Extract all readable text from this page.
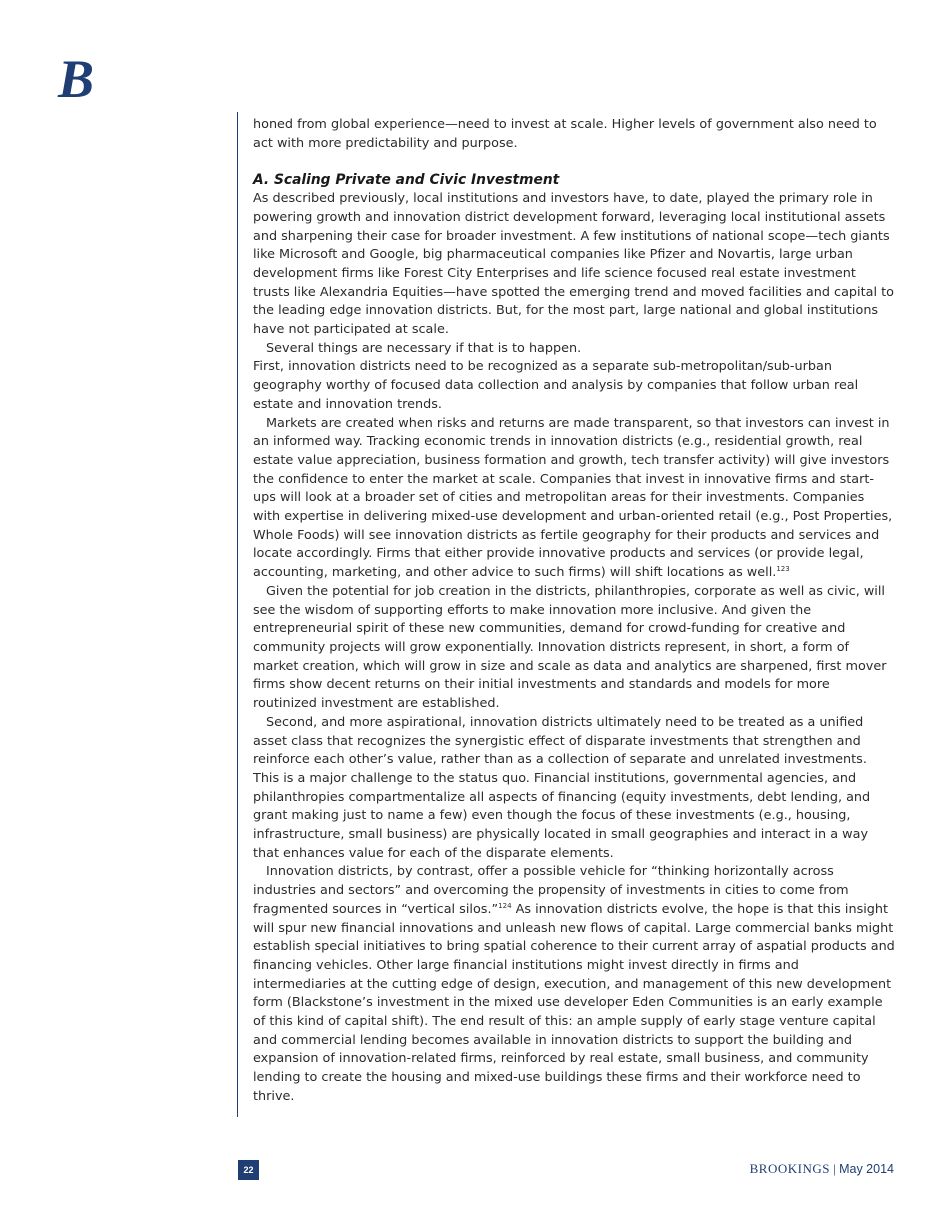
B

honed from global experience—need to invest at scale. Higher levels of government also need to act with more predictability and purpose.

A. Scaling Private and Civic Investment

As described previously, local institutions and investors have, to date, played the primary role in powering growth and innovation district development forward, leveraging local institutional assets and sharpening their case for broader investment. A few institutions of national scope—tech giants like Microsoft and Google, big pharmaceutical companies like Pfizer and Novartis, large urban development firms like Forest City Enterprises and life science focused real estate investment trusts like Alexandria Equities—have spotted the emerging trend and moved facilities and capital to the leading edge innovation districts. But, for the most part, large national and global institutions have not participated at scale.

Several things are necessary if that is to happen.

First, innovation districts need to be recognized as a separate sub-metropolitan/sub-urban geography worthy of focused data collection and analysis by companies that follow urban real estate and innovation trends.

Markets are created when risks and returns are made transparent, so that investors can invest in an informed way. Tracking economic trends in innovation districts (e.g., residential growth, real estate value appreciation, business formation and growth, tech transfer activity) will give investors the confidence to enter the market at scale. Companies that invest in innovative firms and start-ups will look at a broader set of cities and metropolitan areas for their investments. Companies with expertise in delivering mixed-use development and urban-oriented retail (e.g., Post Properties, Whole Foods) will see innovation districts as fertile geography for their products and services and locate accordingly. Firms that either provide innovative products and services (or provide legal, accounting, marketing, and other advice to such firms) will shift locations as well.$^{123}$

Given the potential for job creation in the districts, philanthropies, corporate as well as civic, will see the wisdom of supporting efforts to make innovation more inclusive. And given the entrepreneurial spirit of these new communities, demand for crowd-funding for creative and community projects will grow exponentially. Innovation districts represent, in short, a form of market creation, which will grow in size and scale as data and analytics are sharpened, first mover firms show decent returns on their initial investments and standards and models for more routinized investment are established.

Second, and more aspirational, innovation districts ultimately need to be treated as a unified asset class that recognizes the synergistic effect of disparate investments that strengthen and reinforce each other’s value, rather than as a collection of separate and unrelated investments. This is a major challenge to the status quo. Financial institutions, governmental agencies, and philanthropies compartmentalize all aspects of financing (equity investments, debt lending, and grant making just to name a few) even though the focus of these investments (e.g., housing, infrastructure, small business) are physically located in small geographies and interact in a way that enhances value for each of the disparate elements.

Innovation districts, by contrast, offer a possible vehicle for “thinking horizontally across industries and sectors” and overcoming the propensity of investments in cities to come from fragmented sources in “vertical silos.”$^{124}$ As innovation districts evolve, the hope is that this insight will spur new financial innovations and unleash new flows of capital. Large commercial banks might establish special initiatives to bring spatial coherence to their current array of aspatial products and financing vehicles. Other large financial institutions might invest directly in firms and intermediaries at the cutting edge of design, execution, and management of this new development form (Blackstone’s investment in the mixed use developer Eden Communities is an early example of this kind of capital shift). The end result of this: an ample supply of early stage venture capital and commercial lending becomes available in innovation districts to support the building and expansion of innovation-related firms, reinforced by real estate, small business, and community lending to create the housing and mixed-use buildings these firms and their workforce need to thrive.

22	BROOKINGS | May 2014
